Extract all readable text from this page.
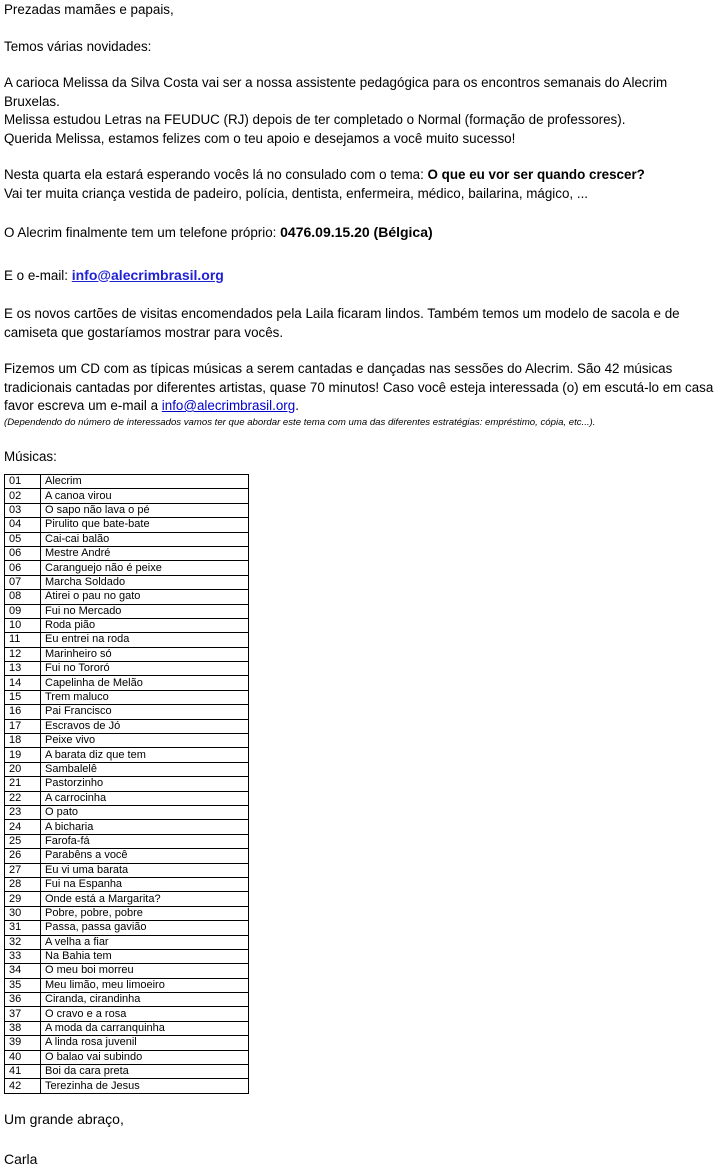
Prezadas mamães e papais,

Temos várias novidades:

A carioca Melissa da Silva Costa vai ser a nossa assistente pedagógica para os encontros semanais do Alecrim Bruxelas.

Melissa estudou Letras na FEUDUC (RJ) depois de ter completado o Normal (formação de professores).

Querida Melissa, estamos felizes com o teu apoio e desejamos a você muito sucesso!

Nesta quarta ela estará esperando vocês lá no consulado com o tema: O que eu vor ser quando crescer?

Vai ter muita criança vestida de padeiro, polícia, dentista, enfermeira, médico, bailarina, mágico, ...

O Alecrim finalmente tem um telefone próprio: 0476.09.15.20 (Bélgica)

E o e-mail: info@alecrimbrasil.org

E os novos cartões de visitas encomendados pela Laila ficaram lindos. Também temos um modelo de sacola e de

camiseta que gostaríamos mostrar para vocês.

Fizemos um CD com as típicas músicas a serem cantadas e dançadas nas sessões do Alecrim. São 42 músicas

tradicionais cantadas por diferentes artistas, quase 70 minutos! Caso você esteja interessada (o) em escutá-lo em casa

favor escreva um e-mail a info@alecrimbrasil.org.

(Dependendo do número de interessados vamos ter que abordar este tema com uma das diferentes estratégias: empréstimo, cópia, etc...).

Músicas:

01	Alecrim
02	A canoa virou
03	O sapo não lava o pé
04	Pirulito que bate-bate
05	Cai-cai balão
06	Mestre André
06	Caranguejo não é peixe
07	Marcha Soldado
08	Atirei o pau no gato
09	Fui no Mercado
10	Roda pião
11	Eu entrei na roda
12	Marinheiro só
13	Fui no Tororó
14	Capelinha de Melão
15	Trem maluco
16	Pai Francisco
17	Escravos de Jó
18	Peixe vivo
19	A barata diz que tem
20	Sambalelê
21	Pastorzinho
22	A carrocinha
23	O pato
24	A bicharia
25	Farofa-fá
26	Parabêns a você
27	Eu vi uma barata
28	Fui na Espanha
29	Onde está a Margarita?
30	Pobre, pobre, pobre
31	Passa, passa gavião
32	A velha a fiar
33	Na Bahia tem
34	O meu boi morreu
35	Meu limão, meu limoeiro
36	Ciranda, cirandinha
37	O cravo e a rosa
38	A moda da carranquinha
39	A linda rosa juvenil
40	O balao vai subindo
41	Boi da cara preta
42	Terezinha de Jesus

Um grande abraço,

Carla
